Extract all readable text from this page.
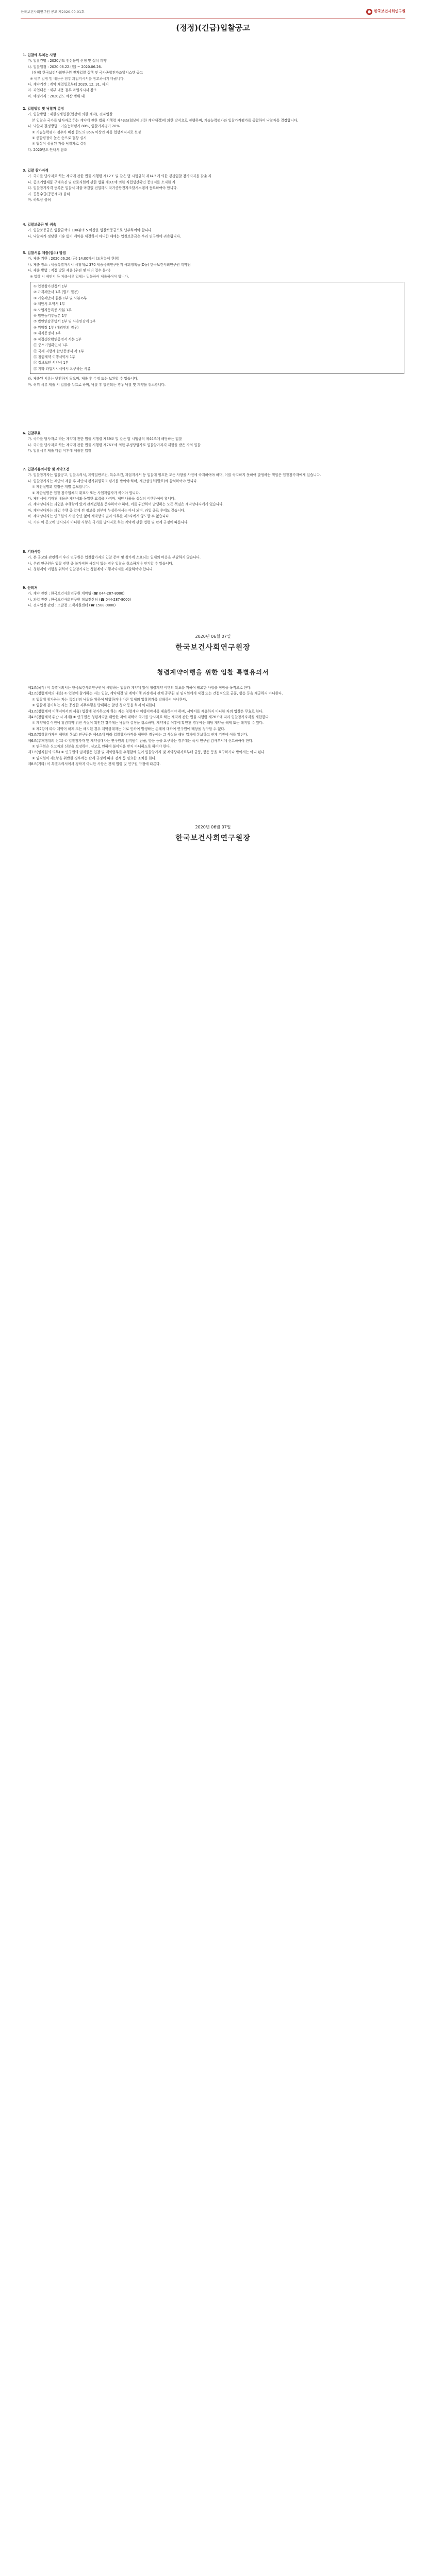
한국보건사회연구원 공고 제2020-00-01호	한국보건사회연구원
(정정)(긴급)입찰공고
1. 입찰에 부치는 사항
가. 입찰건명 : 2020년도 전산용역 선정 및 설치 계약
나. 입찰일정 : 2020.06.22.(월) ~ 2020.06.26.
(정정) 한국보건사회연구원 전자입찰 집행 및 국가종합전자조달시스템 공고
※ 세부 일정 및 내용은 첨부 과업지시서를 참고하시기 바랍니다.
다. 계약기간 : 계약 체결일로부터 2020. 12. 31. 까지
라. 과업내용 : 세부 내용 첨부 과업지시서 참조
마. 예정가격 : 2020년도 예산 범위 내
2. 입찰방법 및 낙찰자 결정
가. 입찰방법 : 제한경쟁입찰(협상에 의한 계약), 전자입찰
본 입찰은 국가를 당사자로 하는 계약에 관한 법률 시행령 제43조(협상에 의한 계약체결)에 의한 방식으로 진행하며, 기술능력평가와 입찰가격평가를 종합하여 낙찰자를 결정합니다.
나. 낙찰자 결정방법 : 기술능력평가 80%, 입찰가격평가 20%
① 기술능력평가 점수가 배점 한도의 85% 이상인 자를 협상적격자로 선정
② 종합평점이 높은 순으로 협상 실시
③ 협상이 성립된 자를 낙찰자로 결정
다. 2020년도 안내서 참조
3. 입찰 참가자격
가. 국가를 당사자로 하는 계약에 관한 법률 시행령 제12조 및 같은 법 시행규칙 제14조에 의한 경쟁입찰 참가자격을 갖춘 자
나. 중소기업제품 구매촉진 및 판로지원에 관한 법률 제9조에 의한 직접생산확인 증명서를 소지한 자
다. 입찰참가자격 등록은 입찰서 제출 마감일 전일까지 국가종합전자조달시스템에 등록하여야 합니다.
라. 공동수급(공동계약) 불허
마. 하도급 불허
4. 입찰보증금 및 귀속
가. 입찰보증금은 입찰금액의 100분의 5 이상을 입찰보증금으로 납부하여야 합니다.
나. 낙찰자가 정당한 이유 없이 계약을 체결하지 아니한 때에는 입찰보증금은 우리 연구원에 귀속됩니다.
5. 입찰서류 제출(접수) 방법
가. 제출 기한 : 2020.06.26.(금) 14:00까지 (도착분에 한함)
나. 제출 장소 : 세종특별자치시 시청대로 370 세종국책연구단지 사회정책동(D동) 한국보건사회연구원 계약팀
다. 제출 방법 : 직접 방문 제출 (우편 및 대리 접수 불가)
※ 입찰 시 제안서 등 제출서류 일체는 밀봉하여 제출하여야 합니다.
① 입찰참가신청서 1부
② 가격제안서 1부 (별도 밀봉)
③ 기술제안서 원본 1부 및 사본 6부
④ 제안서 요약서 1부
⑤ 사업자등록증 사본 1부
⑥ 법인등기부등본 1부
⑦ 법인인감증명서 1부 및 사용인감계 1부
⑧ 위임장 1부 (대리인의 경우)
⑨ 재직증명서 1부
⑩ 직접생산확인증명서 사본 1부
⑪ 중소기업확인서 1부
⑫ 국세·지방세 완납증명서 각 1부
⑬ 청렴계약 이행서약서 1부
⑭ 정보보안 서약서 1부
⑮ 기타 과업지시서에서 요구하는 서류
라. 제출된 서류는 반환하지 않으며, 제출 후 수정 또는 보완할 수 없습니다.
마. 허위 서류 제출 시 입찰을 무효로 하며, 낙찰 후 발견되는 경우 낙찰 및 계약을 취소합니다.
6. 입찰무효
가. 국가를 당사자로 하는 계약에 관한 법률 시행령 제39조 및 같은 법 시행규칙 제44조에 해당하는 입찰
나. 국가를 당사자로 하는 계약에 관한 법률 시행령 제76조에 의한 부정당업자로 입찰참가자격 제한을 받은 자의 입찰
다. 입찰서류 제출 마감 이후에 제출된 입찰
7. 입찰자유의사항 및 계약조건
가. 입찰참가자는 입찰공고, 입찰유의서, 계약일반조건, 특수조건, 과업지시서 등 입찰에 필요한 모든 사항을 사전에 숙지하여야 하며, 이를 숙지하지 못하여 발생하는 책임은 입찰참가자에게 있습니다.
나. 입찰참가자는 제안서 제출 후 제안서 평가위원회의 평가를 받아야 하며, 제안설명회(발표)에 참석하여야 합니다.
① 제안설명회 일정은 개별 통보합니다.
② 제안설명은 입찰 참가업체의 대표자 또는 사업책임자가 하여야 합니다.
다. 제안서에 기재된 내용은 계약서와 동일한 효력을 가지며, 제안 내용을 성실히 이행하여야 합니다.
라. 계약상대자는 과업을 수행함에 있어 관계법령을 준수하여야 하며, 이를 위반하여 발생하는 모든 책임은 계약상대자에게 있습니다.
마. 계약상대자는 과업 수행 중 알게 된 정보를 외부에 누설하여서는 아니 되며, 과업 종료 후에도 같습니다.
바. 계약상대자는 연구원의 사전 승인 없이 계약상의 권리·의무를 제3자에게 양도할 수 없습니다.
사. 기타 이 공고에 명시되지 아니한 사항은 국가를 당사자로 하는 계약에 관한 법령 및 관계 규정에 따릅니다.
8. 기타사항
가. 본 공고와 관련하여 우리 연구원은 입찰참가자의 입찰 준비 및 참가에 소요되는 일체의 비용을 부담하지 않습니다.
나. 우리 연구원은 입찰 진행 중 불가피한 사정이 있는 경우 입찰을 취소하거나 연기할 수 있습니다.
다. 청렴계약 이행을 위하여 입찰참가자는 청렴계약 이행서약서를 제출하여야 합니다.
9. 문의처
가. 계약 관련 : 한국보건사회연구원 계약팀 (☎ 044-287-8000)
나. 과업 관련 : 한국보건사회연구원 정보전산팀 (☎ 044-287-8000)
다. 전자입찰 관련 : 조달청 고객지원센터 (☎ 1588-0800)
2020년 06월 07일
한국보건사회연구원장
청렴계약이행을 위한 입찰 특별유의서
제1조(목적) 이 특별유의서는 한국보건사회연구원이 시행하는 입찰과 계약에 있어 청렴계약 이행의 확보를 위하여 필요한 사항을 정함을 목적으로 한다.
제2조(청렴계약의 내용) ① 입찰에 참가하는 자는 입찰, 계약체결 및 계약이행 과정에서 관계 공무원 및 임직원에게 직접 또는 간접적으로 금품, 향응 등을 제공하지 아니한다.
② 입찰에 참가하는 자는 특정인의 낙찰을 위하여 담합하거나 다른 업체의 입찰참가를 방해하지 아니한다.
③ 입찰에 참가하는 자는 공정한 직무수행을 방해하는 알선·청탁 등을 하지 아니한다.
제3조(청렴계약 이행서약서의 제출) 입찰에 참가하고자 하는 자는 청렴계약 이행서약서를 제출하여야 하며, 서약서를 제출하지 아니한 자의 입찰은 무효로 한다.
제4조(청렴계약 위반 시 제재) ① 연구원은 청렴계약을 위반한 자에 대하여 국가를 당사자로 하는 계약에 관한 법률 시행령 제76조에 따라 입찰참가자격을 제한한다.
② 계약체결 이전에 청렴계약 위반 사실이 확인된 경우에는 낙찰자 결정을 취소하며, 계약체결 이후에 확인된 경우에는 해당 계약을 해제 또는 해지할 수 있다.
③ 제2항에 따라 계약이 해제 또는 해지된 경우 계약상대자는 이로 인하여 발생하는 손해에 대하여 연구원에 배상을 청구할 수 없다.
제5조(입찰참가자격 제한의 통보) 연구원은 제4조에 따라 입찰참가자격을 제한한 경우에는 그 사실을 해당 업체에 통보하고 관계 기관에 이를 알린다.
제6조(부패행위의 신고) ① 입찰참가자 및 계약상대자는 연구원의 임직원이 금품, 향응 등을 요구하는 경우에는 즉시 연구원 감사부서에 신고하여야 한다.
② 연구원은 신고자의 신분을 보장하며, 신고로 인하여 불이익을 받지 아니하도록 하여야 한다.
제7조(임직원의 의무) ① 연구원의 임직원은 입찰 및 계약업무를 수행함에 있어 입찰참가자 및 계약상대자로부터 금품, 향응 등을 요구하거나 받아서는 아니 된다.
② 임직원이 제1항을 위반한 경우에는 관계 규정에 따라 징계 등 필요한 조치를 한다.
제8조(기타) 이 특별유의서에서 정하지 아니한 사항은 관계 법령 및 연구원 규정에 따른다.
2020년 06월 07일
한국보건사회연구원장
